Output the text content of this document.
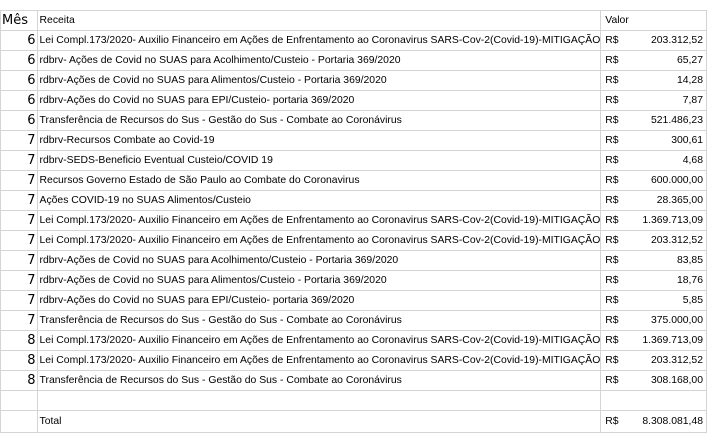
Mês	Receita	Valor	
6	Lei Compl.173/2020- Auxilio Financeiro em Ações de Enfrentamento ao Coronavirus SARS-Cov-2(Covid-19)-MITIGAÇÃO	R$	203.312,52
6	rdbrv- Ações de Covid no SUAS para Acolhimento/Custeio - Portaria 369/2020	R$	65,27
6	rdbrv-Ações de Covid no SUAS para Alimentos/Custeio - Portaria 369/2020	R$	14,28
6	rdbrv-Ações do Covid no SUAS para EPI/Custeio- portaria 369/2020	R$	7,87
6	Transferência de Recursos do Sus - Gestão do Sus - Combate ao Coronávirus	R$	521.486,23
7	rdbrv-Recursos Combate ao Covid-19	R$	300,61
7	rdbrv-SEDS-Beneficio Eventual Custeio/COVID 19	R$	4,68
7	Recursos Governo Estado de São Paulo ao Combate do Coronavirus	R$	600.000,00
7	Ações COVID-19 no SUAS Alimentos/Custeio	R$	28.365,00
7	Lei Compl.173/2020- Auxilio Financeiro em Ações de Enfrentamento ao Coronavirus SARS-Cov-2(Covid-19)-MITIGAÇÃO	R$	1.369.713,09
7	Lei Compl.173/2020- Auxilio Financeiro em Ações de Enfrentamento ao Coronavirus SARS-Cov-2(Covid-19)-MITIGAÇÃO	R$	203.312,52
7	rdbrv-Ações de Covid no SUAS para Acolhimento/Custeio - Portaria 369/2020	R$	83,85
7	rdbrv-Ações de Covid no SUAS para Alimentos/Custeio - Portaria 369/2020	R$	18,76
7	rdbrv-Ações do Covid no SUAS para EPI/Custeio- portaria 369/2020	R$	5,85
7	Transferência de Recursos do Sus - Gestão do Sus - Combate ao Coronávirus	R$	375.000,00
8	Lei Compl.173/2020- Auxilio Financeiro em Ações de Enfrentamento ao Coronavirus SARS-Cov-2(Covid-19)-MITIGAÇÃO	R$	1.369.713,09
8	Lei Compl.173/2020- Auxilio Financeiro em Ações de Enfrentamento ao Coronavirus SARS-Cov-2(Covid-19)-MITIGAÇÃO	R$	203.312,52
8	Transferência de Recursos do Sus - Gestão do Sus - Combate ao Coronávirus	R$	308.168,00

	Total	R$	8.308.081,48
